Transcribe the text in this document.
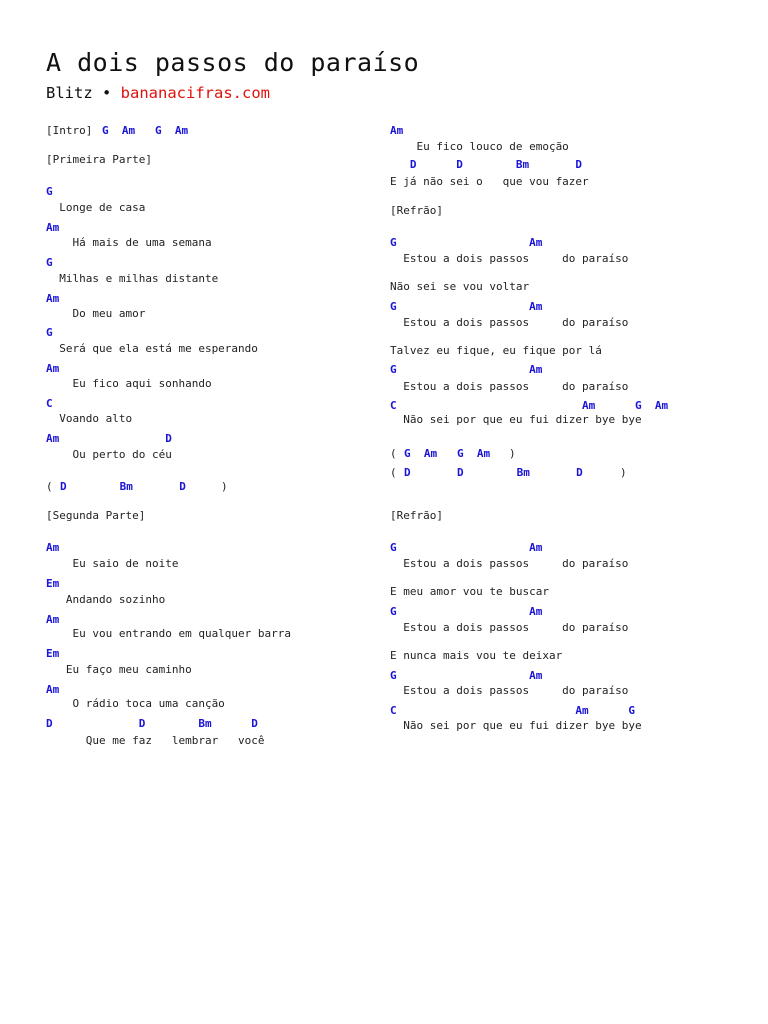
A dois passos do paraíso
Blitz • bananacifras.com
[Intro] G  Am   G  Am
[Primeira Parte]
G
Longe de casa
Am
Há mais de uma semana
G
Milhas e milhas distante
Am
Do meu amor
G
Será que ela está me esperando
Am
Eu fico aqui sonhando
C
Voando alto
Am                D
Ou perto do céu
( D        Bm       D	)
[Segunda Parte]
Am
Eu saio de noite
Em
Andando sozinho
Am
Eu vou entrando em qualquer barra
Em
Eu faço meu caminho
Am
O rádio toca uma canção
D             D        Bm      D
Que me faz   lembrar   você
Am
Eu fico louco de emoção
D      D        Bm       D
E já não sei o   que vou fazer
[Refrão]
G                    Am
Estou a dois passos     do paraíso
Não sei se vou voltar
G                    Am
Estou a dois passos     do paraíso
Talvez eu fique, eu fique por lá
G                    Am
Estou a dois passos     do paraíso
C                            Am      G  Am
Não sei por que eu fui dizer bye bye
( G  Am   G  Am )
( D       D        Bm       D	)
[Refrão]
G                    Am
Estou a dois passos     do paraíso
E meu amor vou te buscar
G                    Am
Estou a dois passos     do paraíso
E nunca mais vou te deixar
G                    Am
Estou a dois passos     do paraíso
C                           Am      G
Não sei por que eu fui dizer bye bye
